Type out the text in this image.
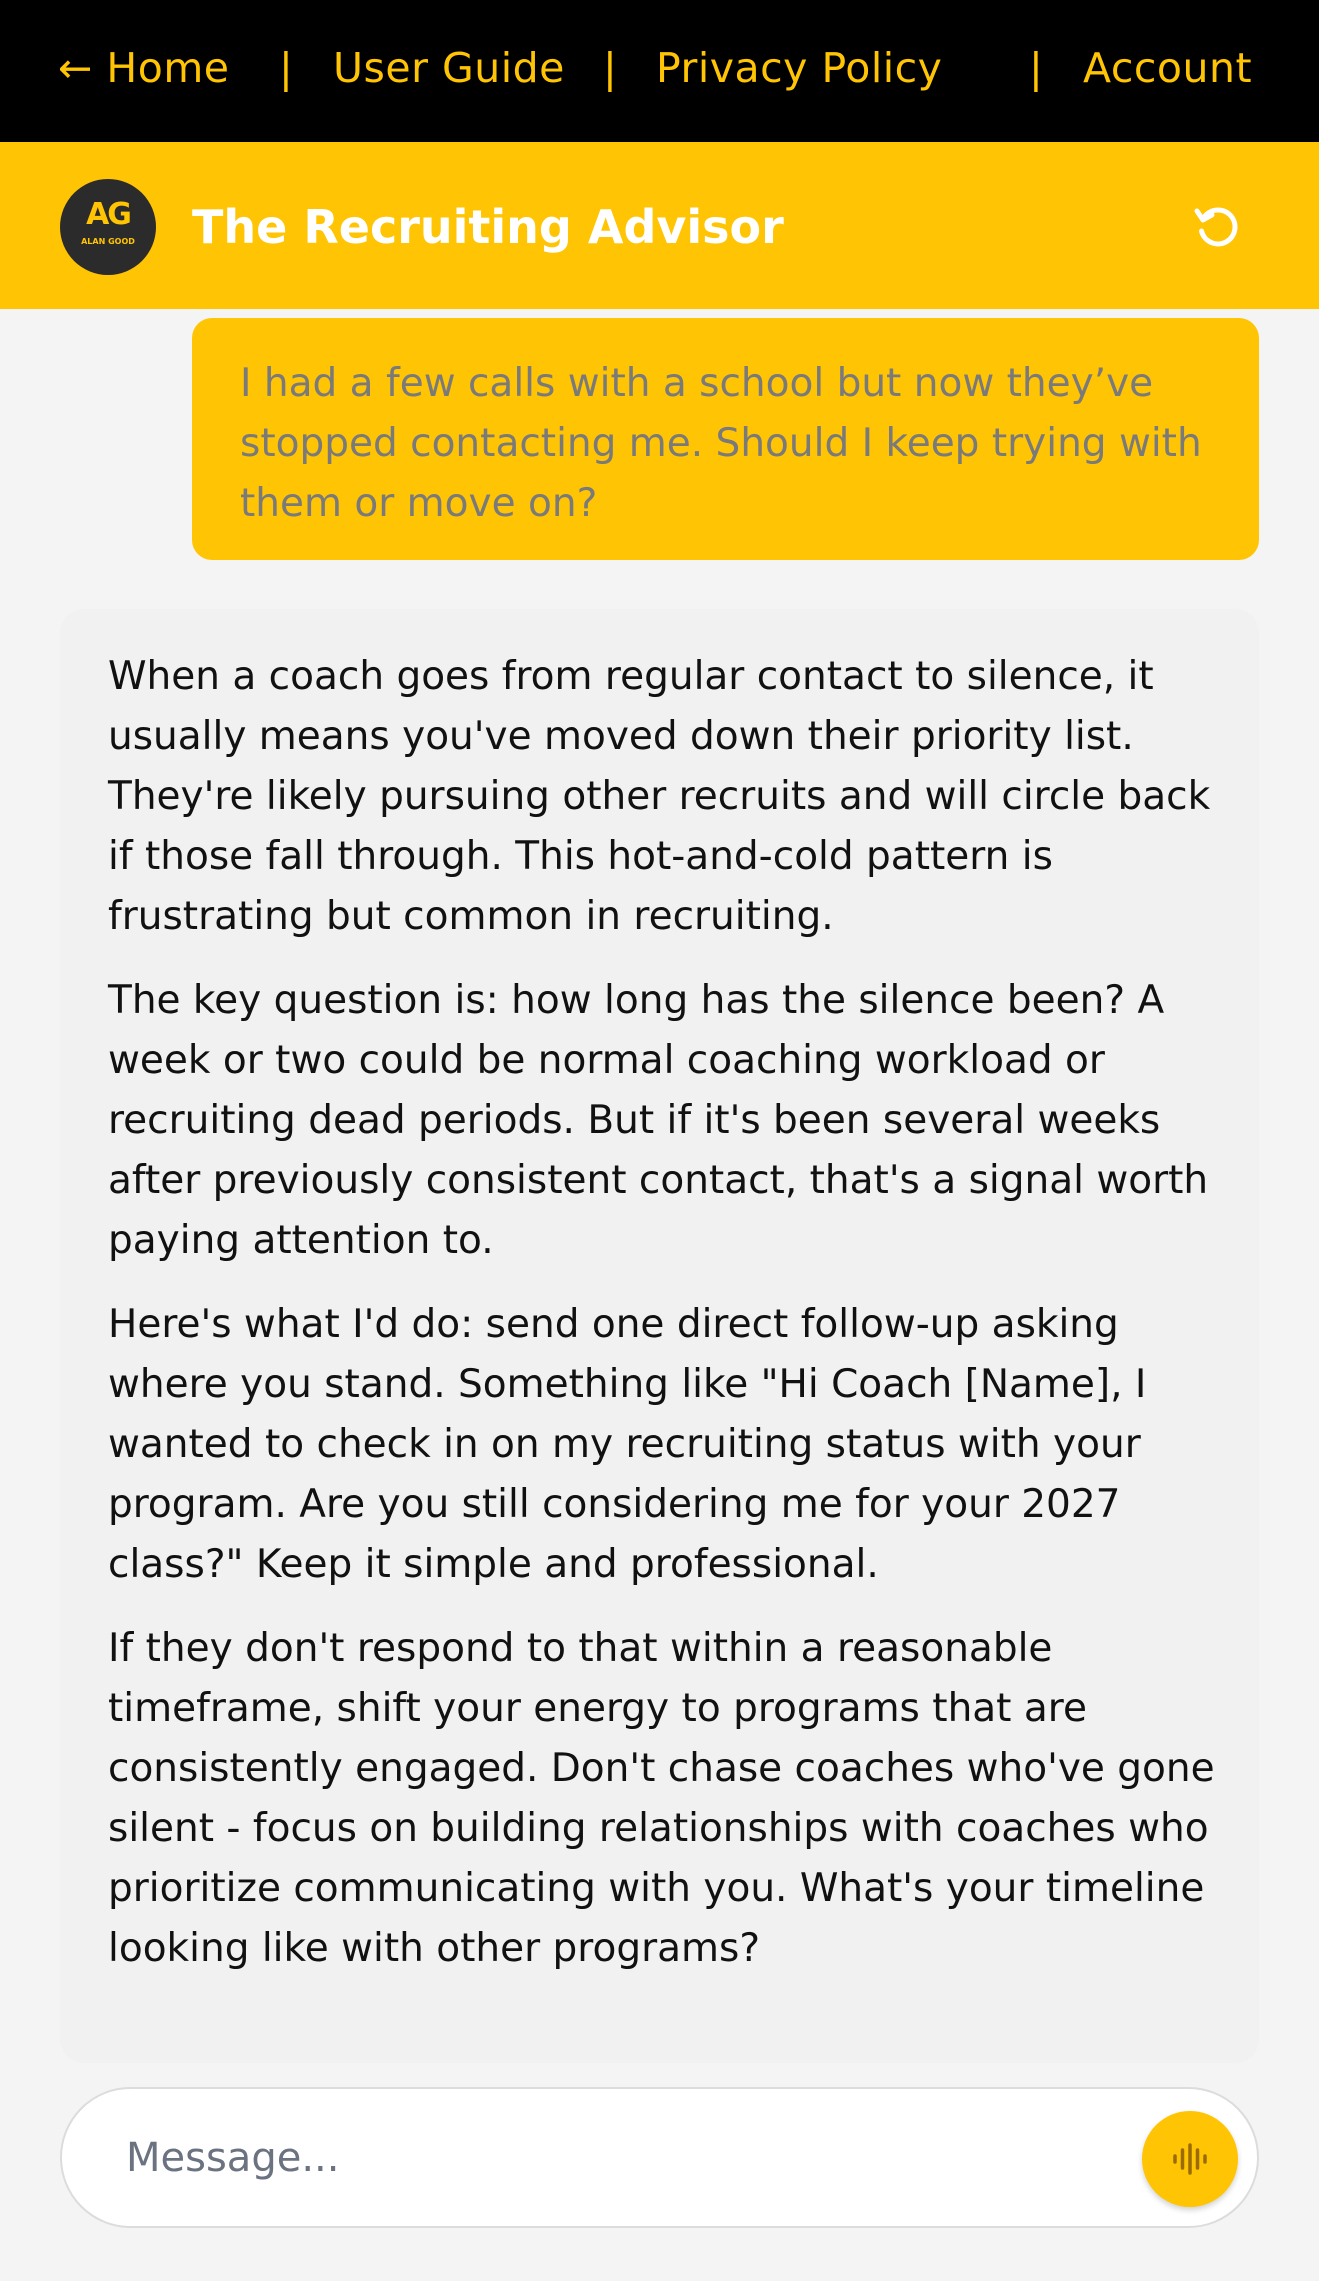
← Home | User Guide | Privacy Policy | Account
AG
ALAN GOOD	The Recruiting Advisor

I had a few calls with a school but now they’ve stopped contacting me. Should I keep trying with them or move on?

When a coach goes from regular contact to silence, it usually means you've moved down their priority list. They're likely pursuing other recruits and will circle back if those fall through. This hot-and-cold pattern is frustrating but common in recruiting.

The key question is: how long has the silence been? A week or two could be normal coaching workload or recruiting dead periods. But if it's been several weeks after previously consistent contact, that's a signal worth paying attention to.

Here's what I'd do: send one direct follow-up asking where you stand. Something like "Hi Coach [Name], I wanted to check in on my recruiting status with your program. Are you still considering me for your 2027 class?" Keep it simple and professional.

If they don't respond to that within a reasonable timeframe, shift your energy to programs that are consistently engaged. Don't chase coaches who've gone silent - focus on building relationships with coaches who prioritize communicating with you. What's your timeline looking like with other programs?

Message...
